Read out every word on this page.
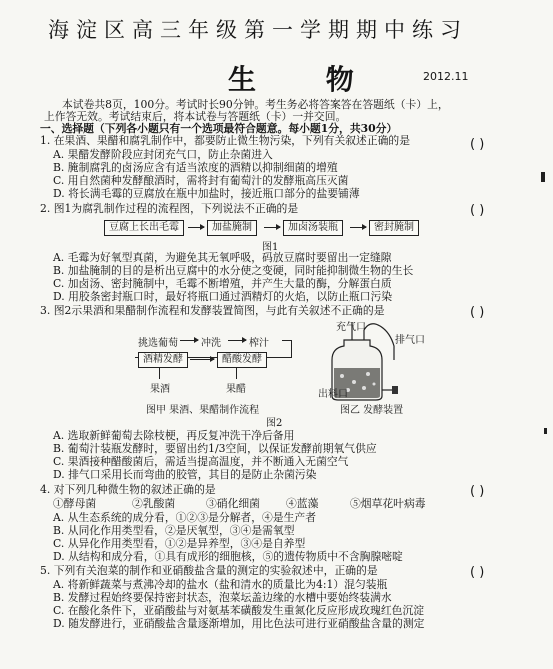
海淀区高三年级第一学期期中练习
生 物	2012.11
本试卷共8页，100分。考试时长90分钟。考生务必将答案答在答题纸（卡）上，
上作答无效。考试结束后，将本试卷与答题纸（卡）一并交回。
一、选择题（下列各小题只有一个选项最符合题意。每小题1分，共30分）
1. 在果酒、果醋和腐乳制作中，都要防止微生物污染，下列有关叙述正确的是
A. 果醋发酵阶段应封闭充气口，防止杂菌进入
B. 腌制腐乳的卤汤应含有适当浓度的酒精以抑制细菌的增殖
C. 用自然菌种发酵酿酒时，需将封有葡萄汁的发酵瓶高压灭菌
D. 将长满毛霉的豆腐放在瓶中加盐时，接近瓶口部分的盐要铺薄
( )
2. 图1为腐乳制作过程的流程图，下列说法不正确的是	( )
豆腐上长出毛霉	加盐腌制	加卤汤装瓶	密封腌制
图1
A. 毛霉为好氧型真菌，为避免其无氧呼吸，码放豆腐时要留出一定缝隙
B. 加盐腌制的目的是析出豆腐中的水分使之变硬，同时能抑制微生物的生长
C. 加卤汤、密封腌制中，毛霉不断增殖，并产生大量的酶，分解蛋白质
D. 用胶条密封瓶口时，最好将瓶口通过酒精灯的火焰，以防止瓶口污染
3. 图2示果酒和果醋制作流程和发酵装置简图，与此有关叙述不正确的是	( )
挑选葡萄 冲洗	榨汁
酒精发酵	醋酸发酵
果酒	果醋
图甲 果酒、果醋制作流程
充气口
排气口
出料口
图乙 发酵装置
图2
A. 选取新鲜葡萄去除枝梗，再反复冲洗干净后备用
B. 葡萄汁装瓶发酵时，要留出约1/3空间，以保证发酵前期氧气供应
C. 果酒接种醋酸菌后，需适当提高温度，并不断通入无菌空气
D. 排气口采用长而弯曲的胶管，其目的是防止杂菌污染
4. 对下列几种微生物的叙述正确的是	( )
①酵母菌	②乳酸菌	③硝化细菌 ④蓝藻	⑤烟草花叶病毒
A. 从生态系统的成分看，①②③是分解者，④是生产者
B. 从同化作用类型看，②是厌氧型，③④是需氧型
C. 从异化作用类型看，①②是异养型，③④是自养型
D. 从结构和成分看，①具有成形的细胞核，⑤的遗传物质中不含胸腺嘧啶
5. 下列有关泡菜的制作和亚硝酸盐含量的测定的实验叙述中，正确的是	( )
A. 将新鲜蔬菜与煮沸冷却的盐水（盐和清水的质量比为4:1）混匀装瓶
B. 发酵过程始终要保持密封状态，泡菜坛盖边缘的水槽中要始终装满水
C. 在酸化条件下，亚硝酸盐与对氨基苯磺酸发生重氮化反应形成玫瑰红色沉淀
D. 随发酵进行，亚硝酸盐含量逐渐增加，用比色法可进行亚硝酸盐含量的测定
